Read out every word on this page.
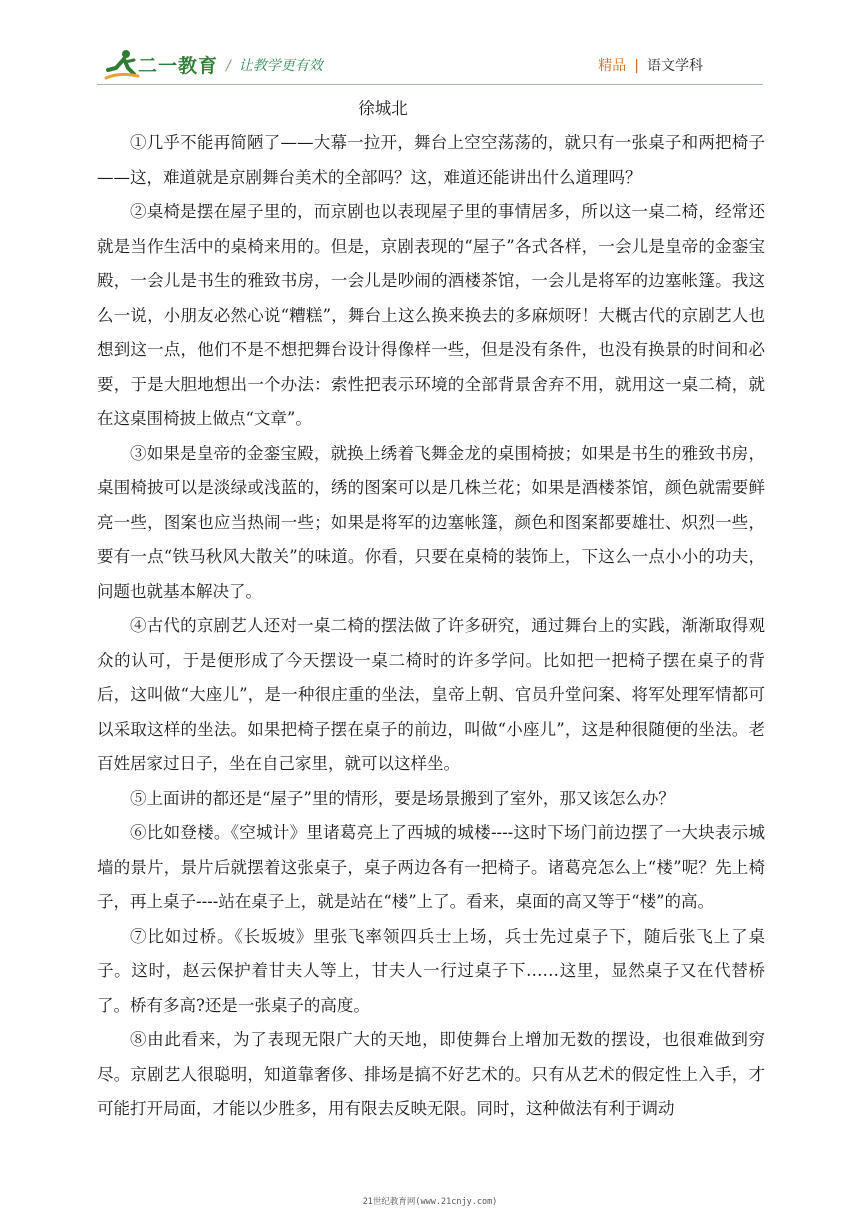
二一教育 / 让教学更有效	精品 | 语文学科

徐城北

①几乎不能再简陋了——大幕一拉开，舞台上空空荡荡的，就只有一张桌子和两把椅子——这，难道就是京剧舞台美术的全部吗？这，难道还能讲出什么道理吗？

②桌椅是摆在屋子里的，而京剧也以表现屋子里的事情居多，所以这一桌二椅，经常还就是当作生活中的桌椅来用的。但是，京剧表现的“屋子”各式各样，一会儿是皇帝的金銮宝殿，一会儿是书生的雅致书房，一会儿是吵闹的酒楼茶馆，一会儿是将军的边塞帐篷。我这么一说，小朋友必然心说“糟糕”，舞台上这么换来换去的多麻烦呀！大概古代的京剧艺人也想到这一点，他们不是不想把舞台设计得像样一些，但是没有条件，也没有换景的时间和必要，于是大胆地想出一个办法：索性把表示环境的全部背景舍弃不用，就用这一桌二椅，就在这桌围椅披上做点“文章”。

③如果是皇帝的金銮宝殿，就换上绣着飞舞金龙的桌围椅披；如果是书生的雅致书房，桌围椅披可以是淡绿或浅蓝的，绣的图案可以是几株兰花；如果是酒楼茶馆，颜色就需要鲜亮一些，图案也应当热闹一些；如果是将军的边塞帐篷，颜色和图案都要雄壮、炽烈一些，要有一点“铁马秋风大散关”的味道。你看，只要在桌椅的装饰上，下这么一点小小的功夫，问题也就基本解决了。

④古代的京剧艺人还对一桌二椅的摆法做了许多研究，通过舞台上的实践，渐渐取得观众的认可，于是便形成了今天摆设一桌二椅时的许多学问。比如把一把椅子摆在桌子的背后，这叫做“大座儿”，是一种很庄重的坐法，皇帝上朝、官员升堂问案、将军处理军情都可以采取这样的坐法。如果把椅子摆在桌子的前边，叫做“小座儿”，这是种很随便的坐法。老百姓居家过日子，坐在自己家里，就可以这样坐。

⑤上面讲的都还是“屋子”里的情形，要是场景搬到了室外，那又该怎么办？

⑥比如登楼。《空城计》里诸葛亮上了西城的城楼----这时下场门前边摆了一大块表示城墙的景片，景片后就摆着这张桌子，桌子两边各有一把椅子。诸葛亮怎么上“楼”呢？先上椅子，再上桌子----站在桌子上，就是站在“楼”上了。看来，桌面的高又等于“楼”的高。

⑦比如过桥。《长坂坡》里张飞率领四兵士上场，兵士先过桌子下，随后张飞上了桌子。这时，赵云保护着甘夫人等上，甘夫人一行过桌子下……这里，显然桌子又在代替桥了。桥有多高?还是一张桌子的高度。

⑧由此看来，为了表现无限广大的天地，即使舞台上增加无数的摆设，也很难做到穷尽。京剧艺人很聪明，知道靠奢侈、排场是搞不好艺术的。只有从艺术的假定性上入手，才可能打开局面，才能以少胜多，用有限去反映无限。同时，这种做法有利于调动

21世纪教育网(www.21cnjy.com)
